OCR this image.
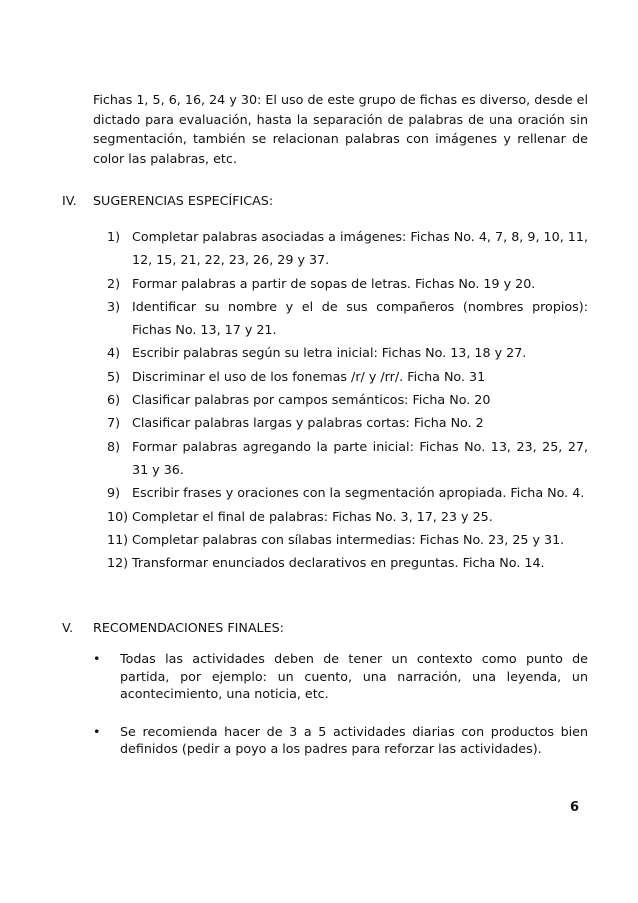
Fichas 1, 5, 6, 16, 24 y 30: El uso de este grupo de fichas es diverso, desde el dictado para evaluación, hasta la separación de palabras de una oración sin segmentación, también se relacionan palabras con imágenes y rellenar de color las palabras, etc.

IV. SUGERENCIAS ESPECÍFICAS:
1) Completar palabras asociadas a imágenes: Fichas No. 4, 7, 8, 9, 10, 11, 12, 15, 21, 22, 23, 26, 29 y 37.
2) Formar palabras a partir de sopas de letras. Fichas No. 19 y 20.
3) Identificar su nombre y el de sus compañeros (nombres propios): Fichas No. 13, 17 y 21.
4) Escribir palabras según su letra inicial: Fichas No. 13, 18 y 27.
5) Discriminar el uso de los fonemas /r/ y /rr/. Ficha No. 31
6) Clasificar palabras por campos semánticos: Ficha No. 20
7) Clasificar palabras largas y palabras cortas: Ficha No. 2
8) Formar palabras agregando la parte inicial: Fichas No. 13, 23, 25, 27, 31 y 36.
9) Escribir frases y oraciones con la segmentación apropiada. Ficha No. 4.
10) Completar el final de palabras: Fichas No. 3, 17, 23 y 25.
11) Completar palabras con sílabas intermedias: Fichas No. 23, 25 y 31.
12) Transformar enunciados declarativos en preguntas. Ficha No. 14.
V. RECOMENDACIONES FINALES:
• Todas las actividades deben de tener un contexto como punto de partida, por ejemplo: un cuento, una narración, una leyenda, un acontecimiento, una noticia, etc.
• Se recomienda hacer de 3 a 5 actividades diarias con productos bien definidos (pedir a poyo a los padres para reforzar las actividades).
6
